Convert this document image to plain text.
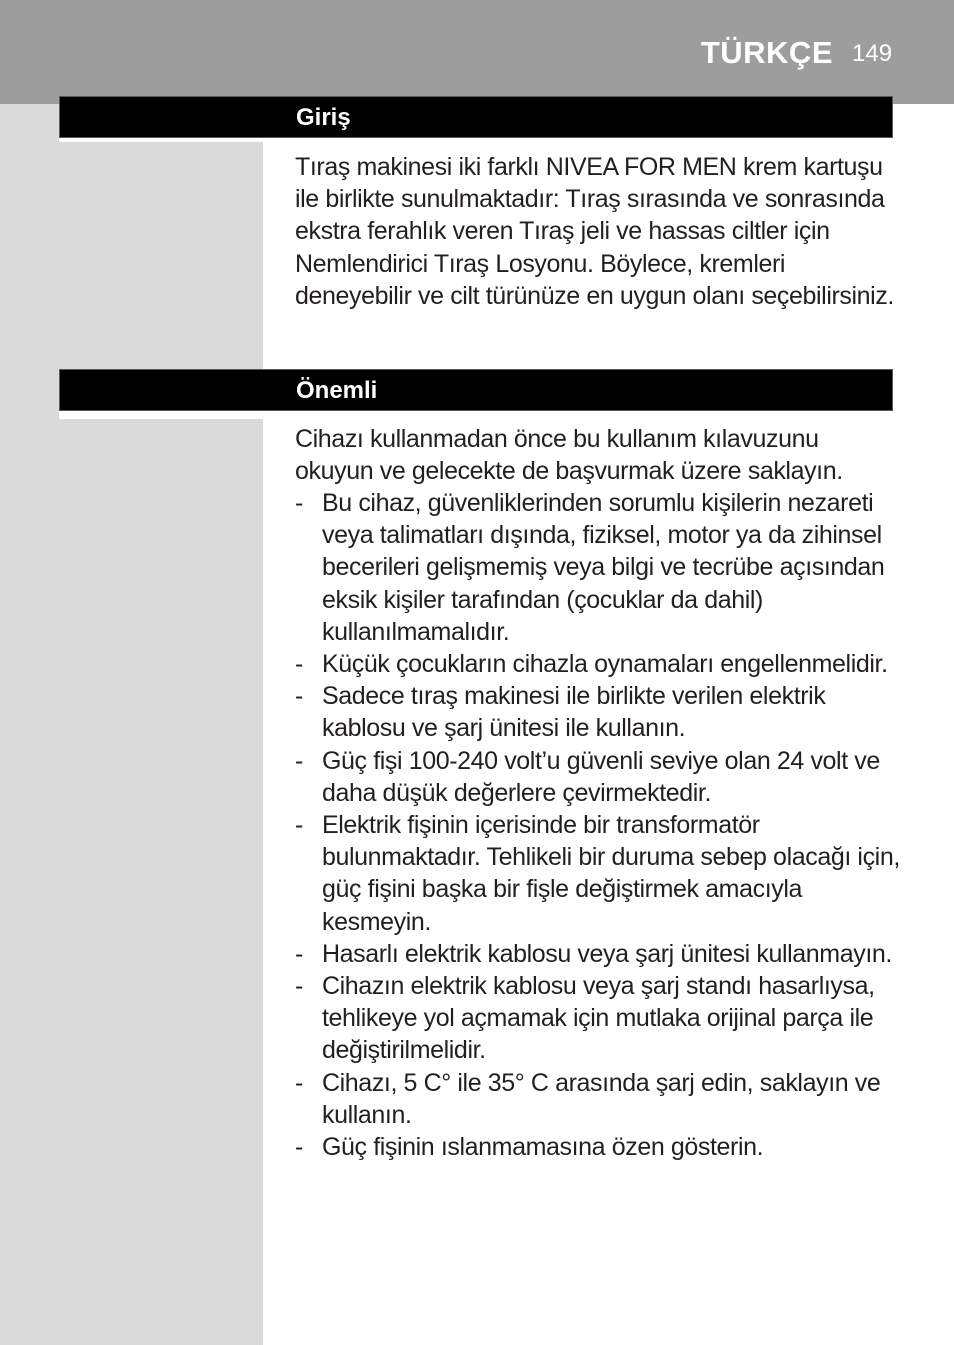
TÜRKÇE 149
Giriş

Tıraş makinesi iki farklı NIVEA FOR MEN krem kartuşu ile birlikte sunulmaktadır: Tıraş sırasında ve sonrasında ekstra ferahlık veren Tıraş jeli ve hassas ciltler için Nemlendirici Tıraş Losyonu. Böylece, kremleri deneyebilir ve cilt türünüze en uygun olanı seçebilirsiniz.

Önemli

Cihazı kullanmadan önce bu kullanım kılavuzunu okuyun ve gelecekte de başvurmak üzere saklayın.

- Bu cihaz, güvenliklerinden sorumlu kişilerin nezareti veya talimatları dışında, fiziksel, motor ya da zihinsel becerileri gelişmemiş veya bilgi ve tecrübe açısından eksik kişiler tarafından (çocuklar da dahil) kullanılmamalıdır.
- Küçük çocukların cihazla oynamaları engellenmelidir.
- Sadece tıraş makinesi ile birlikte verilen elektrik kablosu ve şarj ünitesi ile kullanın.
- Güç fişi 100-240 volt’u güvenli seviye olan 24 volt ve daha düşük değerlere çevirmektedir.
- Elektrik fişinin içerisinde bir transformatör bulunmaktadır. Tehlikeli bir duruma sebep olacağı için, güç fişini başka bir fişle değiştirmek amacıyla kesmeyin.
- Hasarlı elektrik kablosu veya şarj ünitesi kullanmayın.
- Cihazın elektrik kablosu veya şarj standı hasarlıysa, tehlikeye yol açmamak için mutlaka orijinal parça ile değiştirilmelidir.
- Cihazı, 5 C° ile 35° C arasında şarj edin, saklayın ve kullanın.
- Güç fişinin ıslanmamasına özen gösterin.
